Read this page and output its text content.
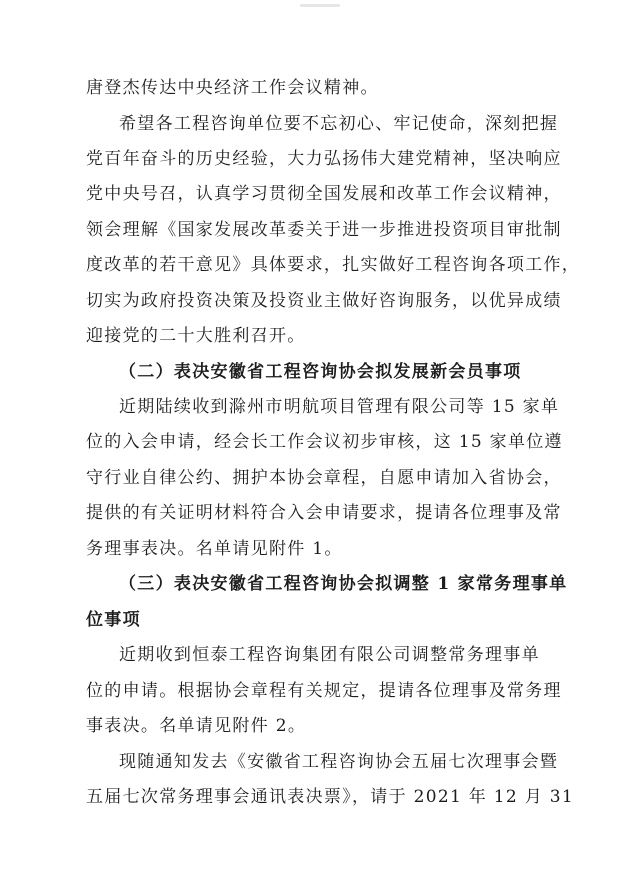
唐登杰传达中央经济工作会议精神。
希望各工程咨询单位要不忘初心、牢记使命，深刻把握
党百年奋斗的历史经验，大力弘扬伟大建党精神，坚决响应
党中央号召，认真学习贯彻全国发展和改革工作会议精神，
领会理解《国家发展改革委关于进一步推进投资项目审批制
度改革的若干意见》具体要求，扎实做好工程咨询各项工作，
切实为政府投资决策及投资业主做好咨询服务，以优异成绩
迎接党的二十大胜利召开。
（二）表决安徽省工程咨询协会拟发展新会员事项
近期陆续收到滁州市明航项目管理有限公司等 15 家单
位的入会申请，经会长工作会议初步审核，这 15 家单位遵
守行业自律公约、拥护本协会章程，自愿申请加入省协会，
提供的有关证明材料符合入会申请要求，提请各位理事及常
务理事表决。名单请见附件 1。
（三）表决安徽省工程咨询协会拟调整 1 家常务理事单
位事项
近期收到恒泰工程咨询集团有限公司调整常务理事单
位的申请。根据协会章程有关规定，提请各位理事及常务理
事表决。名单请见附件 2。
现随通知发去《安徽省工程咨询协会五届七次理事会暨
五届七次常务理事会通讯表决票》，请于 2021 年 12 月 31
